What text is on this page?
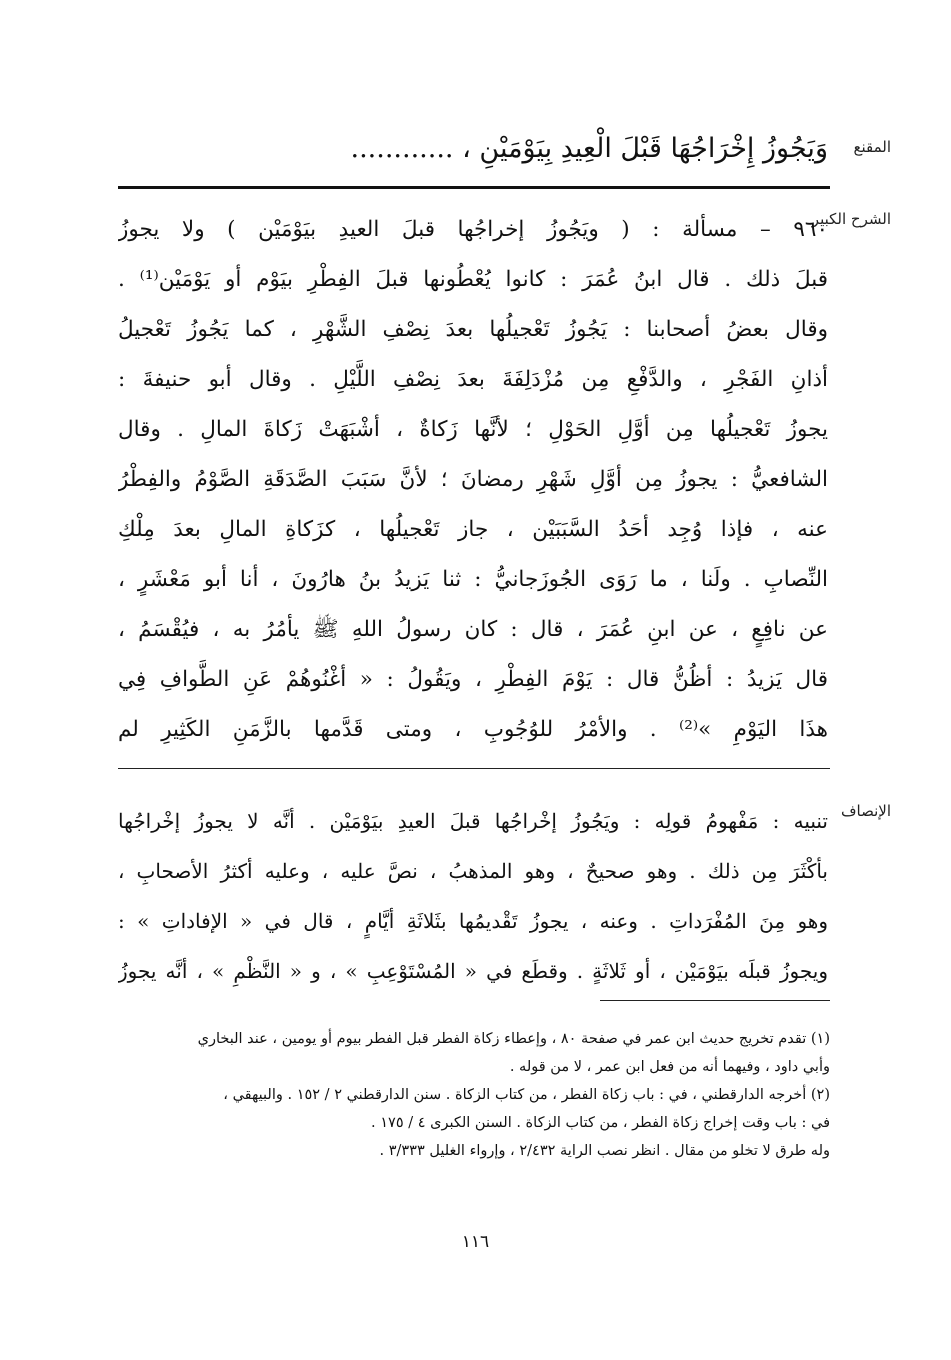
المقنع
وَيَجُوزُ إِخْرَاجُهَا قَبْلَ الْعِيدِ بِيَوْمَيْنِ ، ............
الشرح الكبير
٩٦٠ – مسألة : ( ويَجُوزُ إخراجُها قبلَ العيدِ بيَوْمَيْن ) ولا يجوزُ
قبلَ ذلك . قال ابنُ عُمَرَ : كانوا يُعْطُونها قبلَ الفِطْرِ بيَوْم أو يَوْمَيْن⁽¹⁾ .
وقال بعضُ أصحابنا : يَجُوزُ تَعْجيلُها بعدَ نِصْفِ الشَّهْرِ ، كما يَجُوزُ تَعْجيلُ
أذانِ الفَجْرِ ، والدَّفْعِ مِن مُزْدَلِفَةَ بعدَ نِصْفِ اللَّيْلِ . وقال أبو حنيفةَ :
يجوزُ تَعْجيلُها مِن أوَّلِ الحَوْلِ ؛ لأنَّها زَكاةٌ ، أشْبَهَتْ زَكاةَ المالِ . وقال
الشافعيُّ : يجوزُ مِن أوَّلِ شَهْرِ رمضانَ ؛ لأنَّ سَبَبَ الصَّدَقَةِ الصَّوْمُ والفِطْرُ
عنه ، فإذا وُجِد أحَدُ السَّبَبَيْن ، جاز تَعْجيلُها ، كزَكاةِ المالِ بعدَ مِلْكِ
النِّصابِ . ولَنا ، ما رَوَى الجُوزَجانيُّ : ثنا يَزيدُ بنُ هارُونَ ، أنا أبو مَعْشَرٍ ،
عن نافِعٍ ، عن ابنِ عُمَرَ ، قال : كان رسولُ اللهِ ﷺ يأمُرُ به ، فيُقْسَمُ ،
قال يَزيدُ : أظُنُّ قال : يَوْمَ الفِطْرِ ، ويَقُولُ : « أغْنُوهُمْ عَنِ الطَّوافِ فِي
هذَا اليَوْمِ »⁽²⁾ . والأمْرُ للوُجُوبِ ، ومتى قَدَّمها بالزَّمَنِ الكَثِيرِ لم
الإنصاف
تنبيه : مَفْهومُ قولِه : ويَجُوزُ إخْراجُها قبلَ العيدِ بيَوْمَيْن . أنَّه لا يجوزُ إخْراجُها
بأكْثَرَ مِن ذلك . وهو صحيحٌ ، وهو المذهبُ ، نصَّ عليه ، وعليه أكثرُ الأصحابِ ،
وهو مِنَ المُفْرَداتِ . وعنه ، يجوزُ تَقْديمُها بثَلاثَةِ أيَّامٍ ، قال في « الإفاداتِ » :
ويجوزُ قبلَه بيَوْمَيْن ، أو ثَلاثَةٍ . وقطَع في « المُسْتَوْعِبِ » ، و « النَّظْمِ » ، أنَّه يجوزُ
(١) تقدم تخريج حديث ابن عمر في صفحة ٨٠ ، وإعطاء زكاة الفطر قبل الفطر بيوم أو يومين ، عند البخاري
وأبي داود ، وفيهما أنه من فعل ابن عمر ، لا من قوله .
(٢) أخرجه الدارقطني ، في : باب زكاة الفطر ، من كتاب الزكاة . سنن الدارقطني ٢ / ١٥٢ . والبيهقي ،
في : باب وقت إخراج زكاة الفطر ، من كتاب الزكاة . السنن الكبرى ٤ / ١٧٥ .
وله طرق لا تخلو من مقال . انظر نصب الراية ٢/٤٣٢ ، وإرواء الغليل ٣/٣٣٣ .
١١٦
